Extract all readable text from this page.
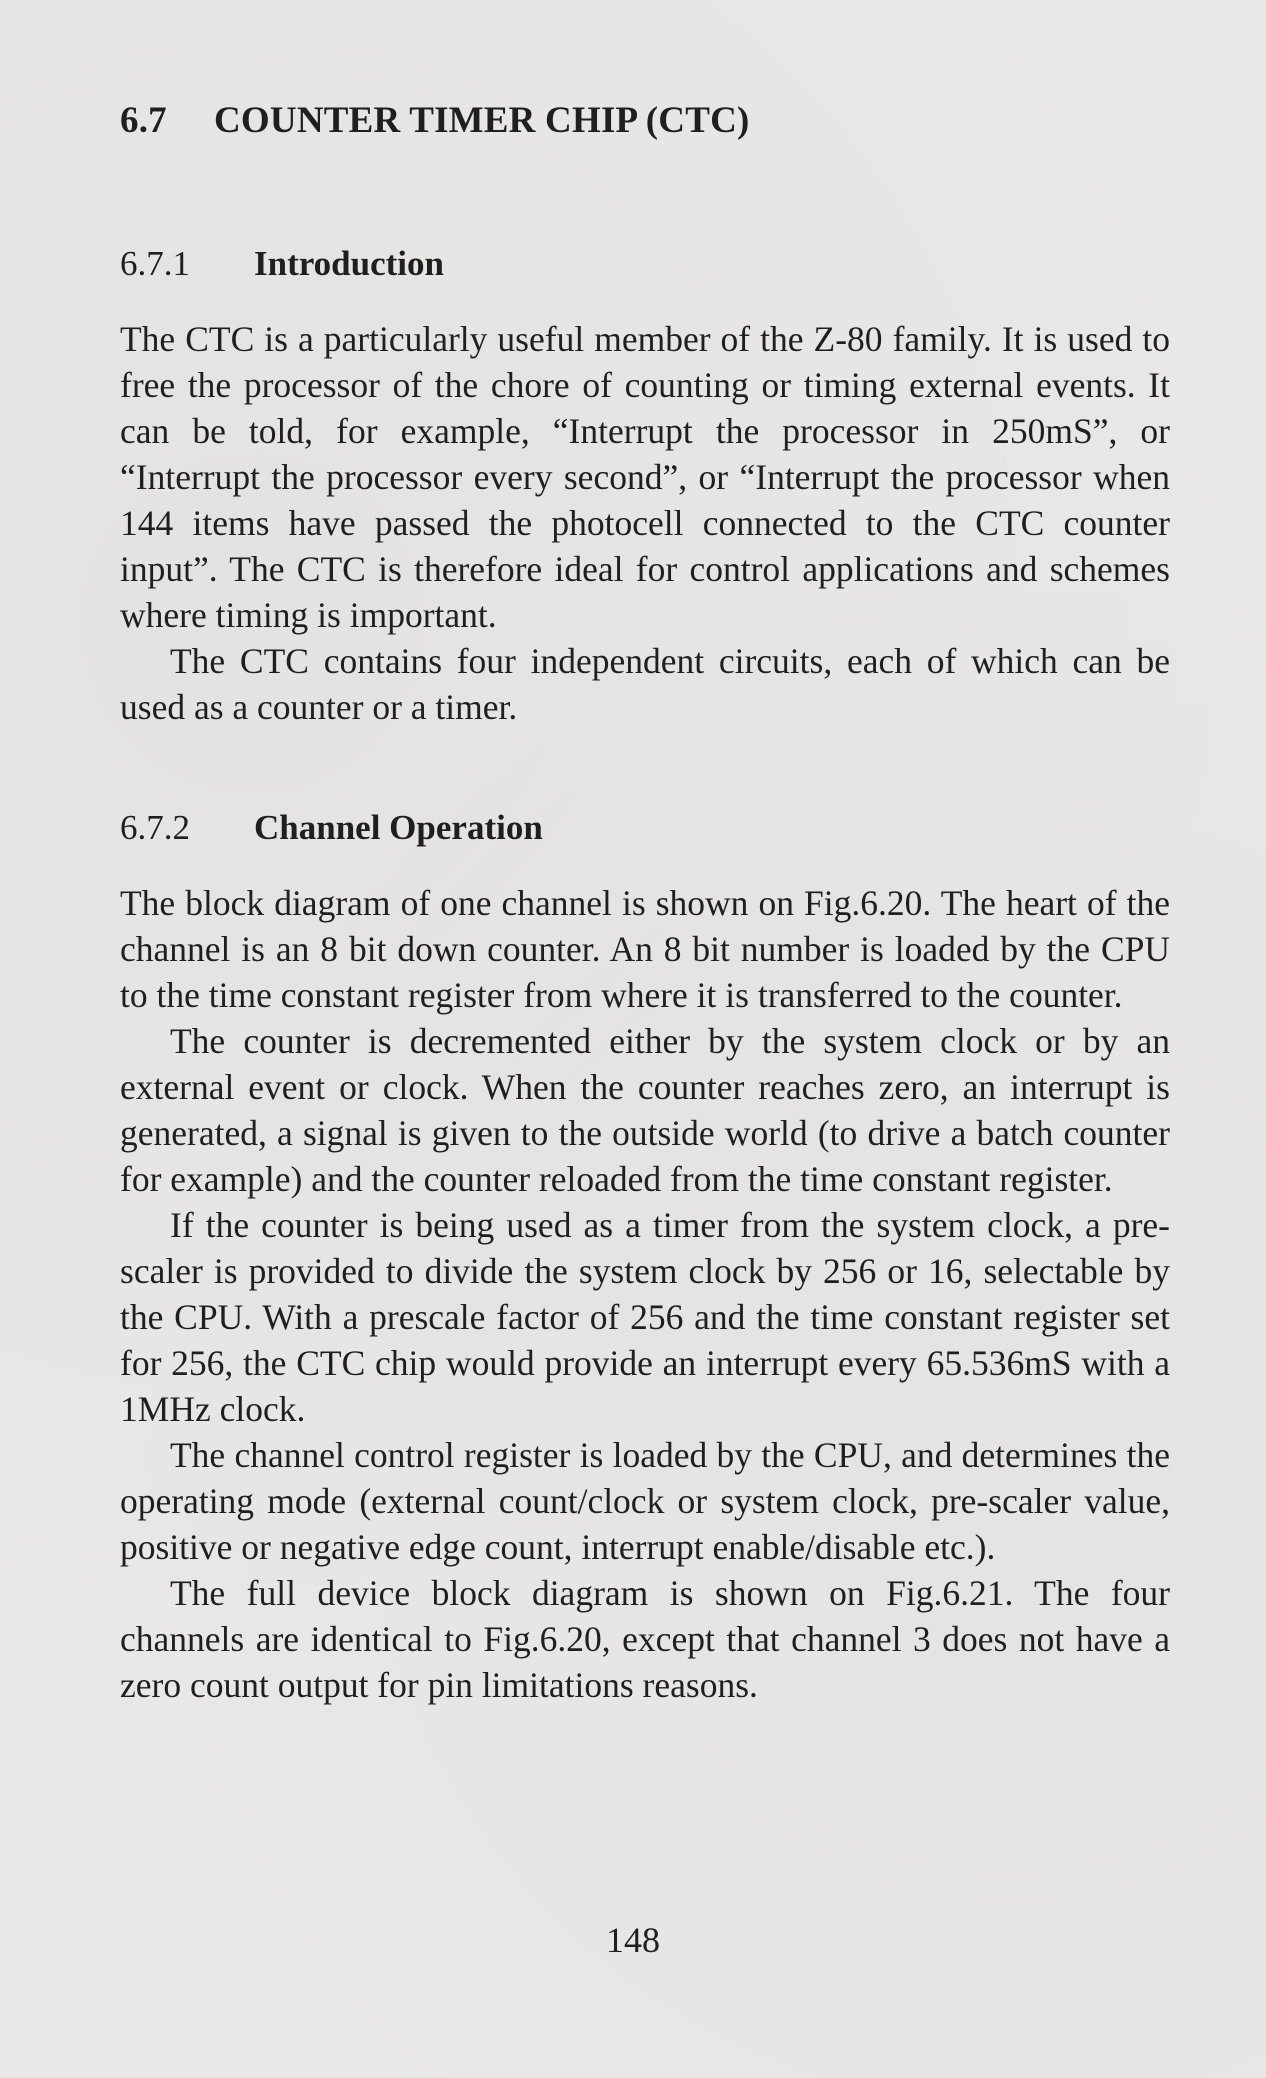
6.7 COUNTER TIMER CHIP (CTC)
6.7.1 Introduction

The CTC is a particularly useful member of the Z-80 family. It is used to free the processor of the chore of counting or timing external events. It can be told, for example, “Interrupt the processor in 250mS”, or “Interrupt the processor every second”, or “Interrupt the processor when 144 items have passed the photocell connected to the CTC counter input”. The CTC is therefore ideal for control applications and schemes where timing is important.

The CTC contains four independent circuits, each of which can be used as a counter or a timer.

6.7.2 Channel Operation

The block diagram of one channel is shown on Fig.6.20. The heart of the channel is an 8 bit down counter. An 8 bit number is loaded by the CPU to the time constant register from where it is transferred to the counter.

The counter is decremented either by the system clock or by an external event or clock. When the counter reaches zero, an interrupt is generated, a signal is given to the outside world (to drive a batch counter for example) and the counter reloaded from the time constant register.

If the counter is being used as a timer from the system clock, a pre-scaler is provided to divide the system clock by 256 or 16, selectable by the CPU. With a prescale factor of 256 and the time constant register set for 256, the CTC chip would provide an interrupt every 65.536mS with a 1MHz clock.

The channel control register is loaded by the CPU, and determines the operating mode (external count/clock or system clock, pre-scaler value, positive or negative edge count, interrupt enable/disable etc.).

The full device block diagram is shown on Fig.6.21. The four channels are identical to Fig.6.20, except that channel 3 does not have a zero count output for pin limitations reasons.

148
